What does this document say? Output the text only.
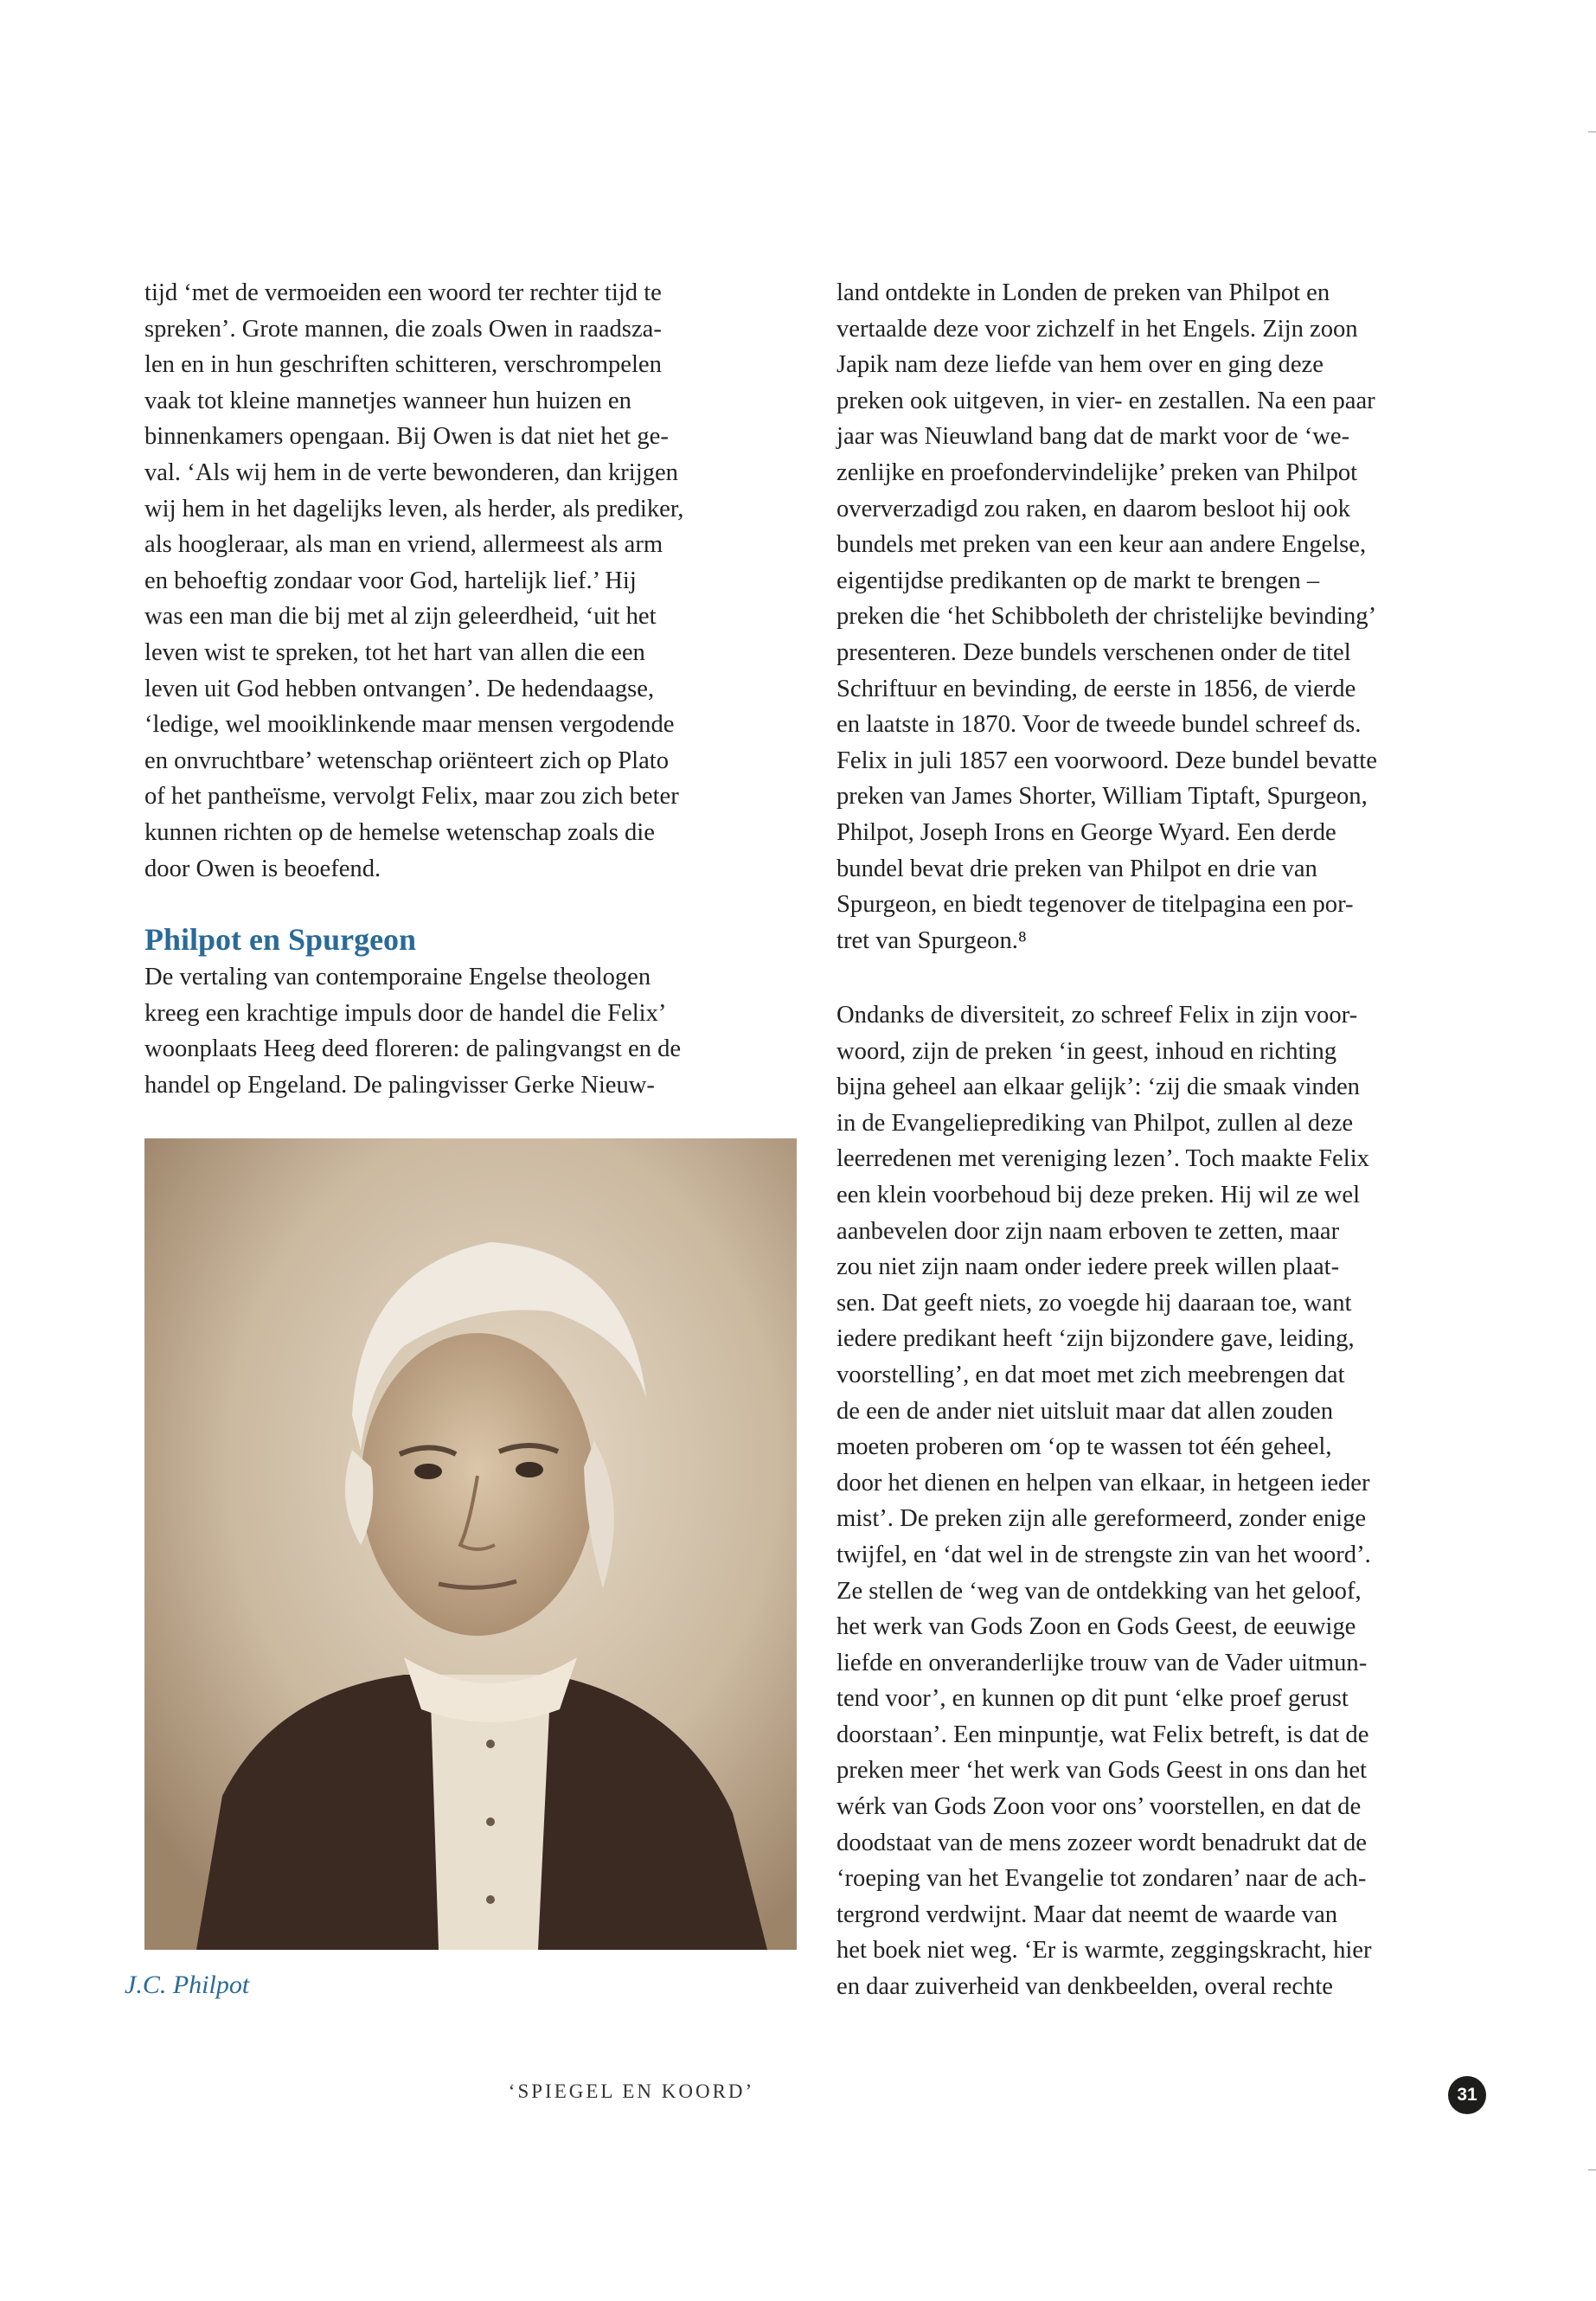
tijd ‘met de vermoeiden een woord ter rechter tijd te
spreken’. Grote mannen, die zoals Owen in raadsza-
len en in hun geschriften schitteren, verschrompelen
vaak tot kleine mannetjes wanneer hun huizen en
binnenkamers opengaan. Bij Owen is dat niet het ge-
val. ‘Als wij hem in de verte bewonderen, dan krijgen
wij hem in het dagelijks leven, als herder, als prediker,
als hoogleraar, als man en vriend, allermeest als arm
en behoeftig zondaar voor God, hartelijk lief.’ Hij
was een man die bij met al zijn geleerdheid, ‘uit het
leven wist te spreken, tot het hart van allen die een
leven uit God hebben ontvangen’. De hedendaagse,
‘ledige, wel mooiklinkende maar mensen vergodende
en onvruchtbare’ wetenschap oriënteert zich op Plato
of het pantheïsme, vervolgt Felix, maar zou zich beter
kunnen richten op de hemelse wetenschap zoals die
door Owen is beoefend.
Philpot en Spurgeon
De vertaling van contemporaine Engelse theologen
kreeg een krachtige impuls door de handel die Felix’
woonplaats Heeg deed floreren: de palingvangst en de
handel op Engeland. De palingvisser Gerke Nieuw-
land ontdekte in Londen de preken van Philpot en
vertaalde deze voor zichzelf in het Engels. Zijn zoon
Japik nam deze liefde van hem over en ging deze
preken ook uitgeven, in vier- en zestallen. Na een paar
jaar was Nieuwland bang dat de markt voor de ‘we-
zenlijke en proefondervindelijke’ preken van Philpot
oververzadigd zou raken, en daarom besloot hij ook
bundels met preken van een keur aan andere Engelse,
eigentijdse predikanten op de markt te brengen –
preken die ‘het Schibboleth der christelijke bevinding’
presenteren. Deze bundels verschenen onder de titel
Schriftuur en bevinding, de eerste in 1856, de vierde
en laatste in 1870. Voor de tweede bundel schreef ds.
Felix in juli 1857 een voorwoord. Deze bundel bevatte
preken van James Shorter, William Tiptaft, Spurgeon,
Philpot, Joseph Irons en George Wyard. Een derde
bundel bevat drie preken van Philpot en drie van
Spurgeon, en biedt tegenover de titelpagina een por-
tret van Spurgeon.⁸
Ondanks de diversiteit, zo schreef Felix in zijn voor-
woord, zijn de preken ‘in geest, inhoud en richting
bijna geheel aan elkaar gelijk’: ‘zij die smaak vinden
in de Evangelieprediking van Philpot, zullen al deze
leerredenen met vereniging lezen’. Toch maakte Felix
een klein voorbehoud bij deze preken. Hij wil ze wel
aanbevelen door zijn naam erboven te zetten, maar
zou niet zijn naam onder iedere preek willen plaat-
sen. Dat geeft niets, zo voegde hij daaraan toe, want
iedere predikant heeft ‘zijn bijzondere gave, leiding,
voorstelling’, en dat moet met zich meebrengen dat
de een de ander niet uitsluit maar dat allen zouden
moeten proberen om ‘op te wassen tot één geheel,
door het dienen en helpen van elkaar, in hetgeen ieder
mist’. De preken zijn alle gereformeerd, zonder enige
twijfel, en ‘dat wel in de strengste zin van het woord’.
Ze stellen de ‘weg van de ontdekking van het geloof,
het werk van Gods Zoon en Gods Geest, de eeuwige
liefde en onveranderlijke trouw van de Vader uitmun-
tend voor’, en kunnen op dit punt ‘elke proef gerust
doorstaan’. Een minpuntje, wat Felix betreft, is dat de
preken meer ‘het werk van Gods Geest in ons dan het
wérk van Gods Zoon voor ons’ voorstellen, en dat de
doodstaat van de mens zozeer wordt benadrukt dat de
‘roeping van het Evangelie tot zondaren’ naar de ach-
tergrond verdwijnt. Maar dat neemt de waarde van
het boek niet weg. ‘Er is warmte, zeggingskracht, hier
en daar zuiverheid van denkbeelden, overal rechte
J.C. Philpot
‘SPIEGEL EN KOORD’	31
